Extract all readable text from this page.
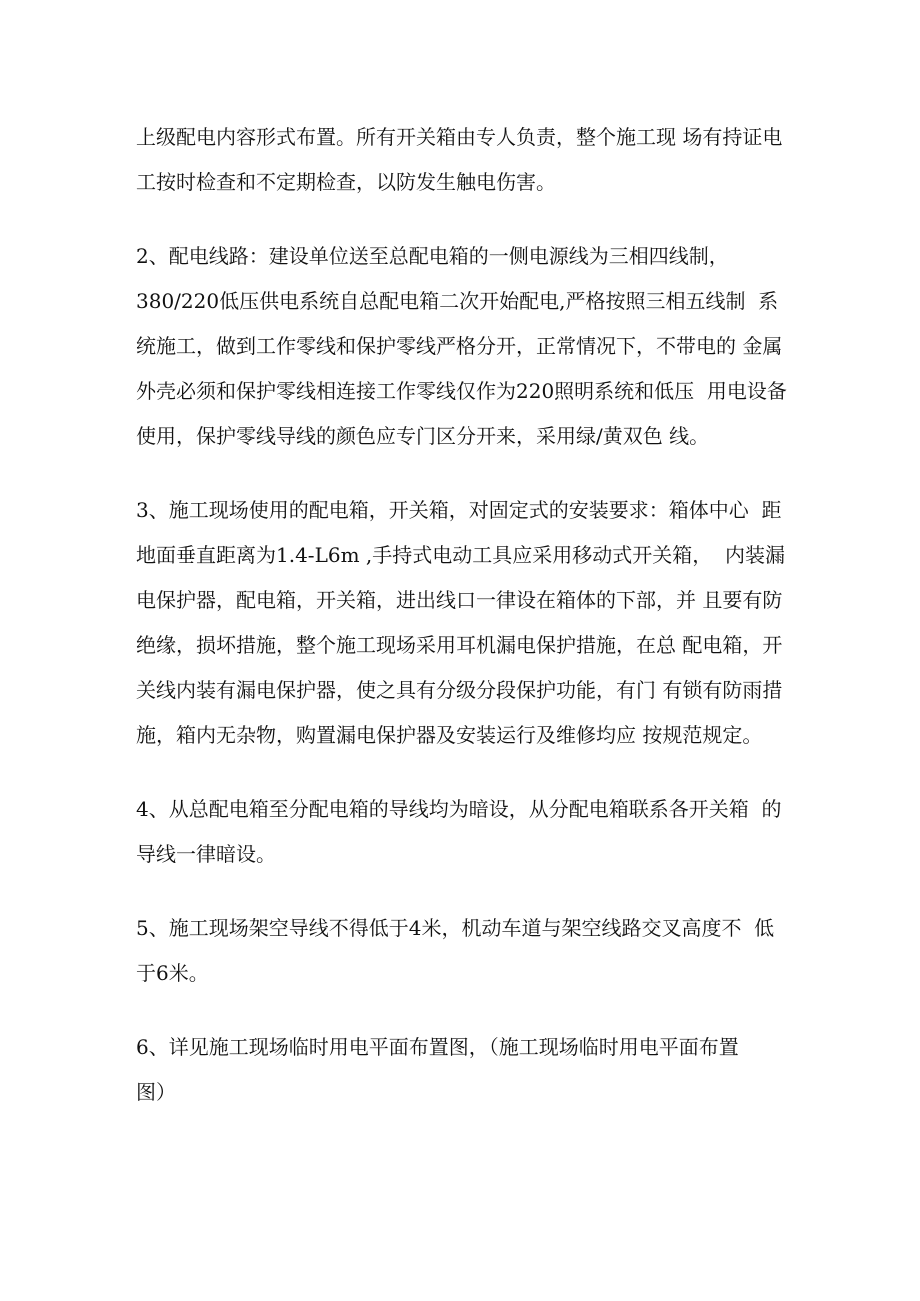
上级配电内容形式布置。所有开关箱由专人负责，整个施工现 场有持证电
工按时检查和不定期检查，以防发生触电伤害。

2、配电线路：建设单位送至总配电箱的一侧电源线为三相四线制，
380/220低压供电系统自总配电箱二次开始配电,严格按照三相五线制  系
统施工，做到工作零线和保护零线严格分开，正常情况下，不带电的 金属
外壳必须和保护零线相连接工作零线仅作为220照明系统和低压  用电设备
使用，保护零线导线的颜色应专门区分开来，采用绿/黄双色 线。

3、施工现场使用的配电箱，开关箱，对固定式的安装要求：箱体中心  距
地面垂直距离为1.4-L6m ,手持式电动工具应采用移动式开关箱，  内装漏
电保护器，配电箱，开关箱，进出线口一律设在箱体的下部，并 且要有防
绝缘，损坏措施，整个施工现场采用耳机漏电保护措施，在总 配电箱，开
关线内装有漏电保护器，使之具有分级分段保护功能，有门 有锁有防雨措
施，箱内无杂物，购置漏电保护器及安装运行及维修均应 按规范规定。

4、从总配电箱至分配电箱的导线均为暗设，从分配电箱联系各开关箱  的
导线一律暗设。

5、施工现场架空导线不得低于4米，机动车道与架空线路交叉高度不  低
于6米。

6、详见施工现场临时用电平面布置图，（施工现场临时用电平面布置
图）
